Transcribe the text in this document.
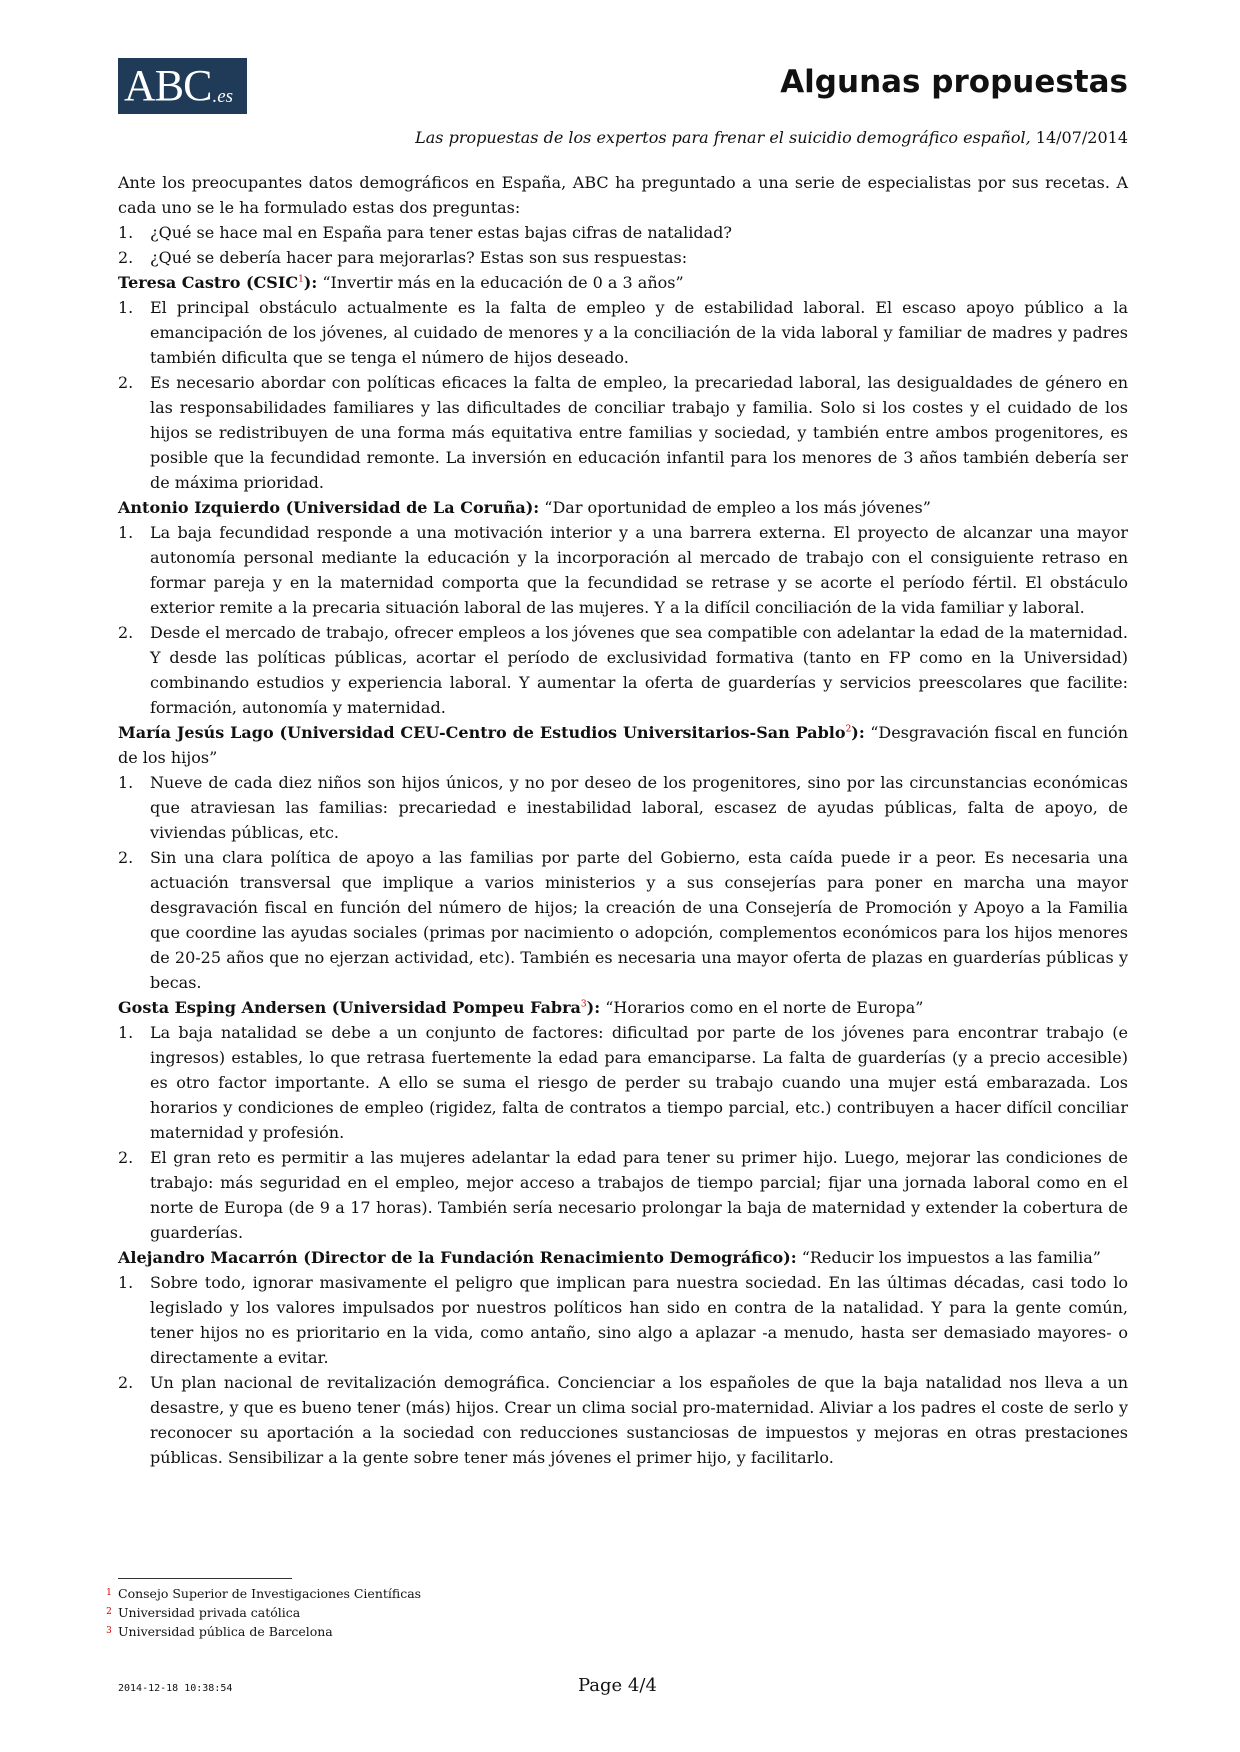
ABC .es	Algunas propuestas

Las propuestas de los expertos para frenar el suicidio demográfico español, 14/07/2014

Ante los preocupantes datos demográficos en España, ABC ha preguntado a una serie de especialistas por sus recetas. A cada uno se le ha formulado estas dos preguntas:

1.	¿Qué se hace mal en España para tener estas bajas cifras de natalidad?
2.	¿Qué se debería hacer para mejorarlas? Estas son sus respuestas:

Teresa Castro (CSIC$^1$): “Invertir más en la educación de 0 a 3 años”

1.	El principal obstáculo actualmente es la falta de empleo y de estabilidad laboral. El escaso apoyo público a la emancipación de los jóvenes, al cuidado de menores y a la conciliación de la vida laboral y familiar de madres y padres también dificulta que se tenga el número de hijos deseado.
2.	Es necesario abordar con políticas eficaces la falta de empleo, la precariedad laboral, las desigualdades de género en las responsabilidades familiares y las dificultades de conciliar trabajo y familia. Solo si los costes y el cuidado de los hijos se redistribuyen de una forma más equitativa entre familias y sociedad, y también entre ambos progenitores, es posible que la fecundidad remonte. La inversión en educación infantil para los menores de 3 años también debería ser de máxima prioridad.

Antonio Izquierdo (Universidad de La Coruña): “Dar oportunidad de empleo a los más jóvenes”

1.	La baja fecundidad responde a una motivación interior y a una barrera externa. El proyecto de alcanzar una mayor autonomía personal mediante la educación y la incorporación al mercado de trabajo con el consiguiente retraso en formar pareja y en la maternidad comporta que la fecundidad se retrase y se acorte el período fértil. El obstáculo exterior remite a la precaria situación laboral de las mujeres. Y a la difícil conciliación de la vida familiar y laboral.
2.	Desde el mercado de trabajo, ofrecer empleos a los jóvenes que sea compatible con adelantar la edad de la maternidad. Y desde las políticas públicas, acortar el período de exclusividad formativa (tanto en FP como en la Universidad) combinando estudios y experiencia laboral. Y aumentar la oferta de guarderías y servicios preescolares que facilite: formación, autonomía y maternidad.

María Jesús Lago (Universidad CEU-Centro de Estudios Universitarios-San Pablo$^2$): “Desgravación fiscal en función de los hijos”

1.	Nueve de cada diez niños son hijos únicos, y no por deseo de los progenitores, sino por las circunstancias económicas que atraviesan las familias: precariedad e inestabilidad laboral, escasez de ayudas públicas, falta de apoyo, de viviendas públicas, etc.
2.	Sin una clara política de apoyo a las familias por parte del Gobierno, esta caída puede ir a peor. Es necesaria una actuación transversal que implique a varios ministerios y a sus consejerías para poner en marcha una mayor desgravación fiscal en función del número de hijos; la creación de una Consejería de Promoción y Apoyo a la Familia que coordine las ayudas sociales (primas por nacimiento o adopción, complementos económicos para los hijos menores de 20-25 años que no ejerzan actividad, etc). También es necesaria una mayor oferta de plazas en guarderías públicas y becas.

Gosta Esping Andersen (Universidad Pompeu Fabra$^3$): “Horarios como en el norte de Europa”

1.	La baja natalidad se debe a un conjunto de factores: dificultad por parte de los jóvenes para encontrar trabajo (e ingresos) estables, lo que retrasa fuertemente la edad para emanciparse. La falta de guarderías (y a precio accesible) es otro factor importante. A ello se suma el riesgo de perder su trabajo cuando una mujer está embarazada. Los horarios y condiciones de empleo (rigidez, falta de contratos a tiempo parcial, etc.) contribuyen a hacer difícil conciliar maternidad y profesión.
2.	El gran reto es permitir a las mujeres adelantar la edad para tener su primer hijo. Luego, mejorar las condiciones de trabajo: más seguridad en el empleo, mejor acceso a trabajos de tiempo parcial; fijar una jornada laboral como en el norte de Europa (de 9 a 17 horas). También sería necesario prolongar la baja de maternidad y extender la cobertura de guarderías.

Alejandro Macarrón (Director de la Fundación Renacimiento Demográfico): “Reducir los impuestos a las familia”

1.	Sobre todo, ignorar masivamente el peligro que implican para nuestra sociedad. En las últimas décadas, casi todo lo legislado y los valores impulsados por nuestros políticos han sido en contra de la natalidad. Y para la gente común, tener hijos no es prioritario en la vida, como antaño, sino algo a aplazar -a menudo, hasta ser demasiado mayores- o directamente a evitar.
2.	Un plan nacional de revitalización demográfica. Concienciar a los españoles de que la baja natalidad nos lleva a un desastre, y que es bueno tener (más) hijos. Crear un clima social pro-maternidad. Aliviar a los padres el coste de serlo y reconocer su aportación a la sociedad con reducciones sustanciosas de impuestos y mejoras en otras prestaciones públicas. Sensibilizar a la gente sobre tener más jóvenes el primer hijo, y facilitarlo.
1 Consejo Superior de Investigaciones Científicas
2 Universidad privada católica
3 Universidad pública de Barcelona
2014-12-18 10:38:54	Page 4/4
